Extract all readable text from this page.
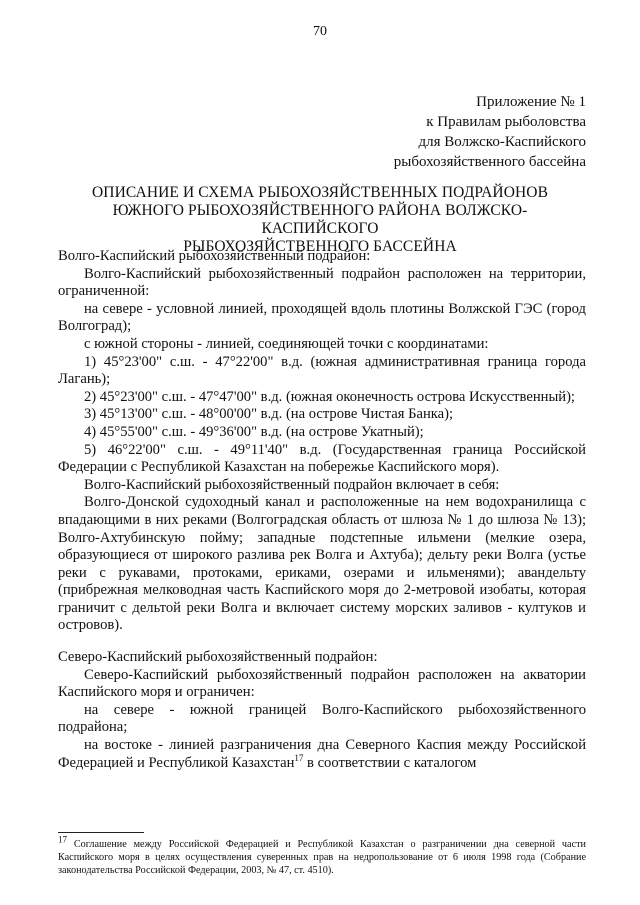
70
Приложение № 1
к Правилам рыболовства
для Волжско-Каспийского
рыбохозяйственного бассейна
ОПИСАНИЕ И СХЕМА РЫБОХОЗЯЙСТВЕННЫХ ПОДРАЙОНОВ
ЮЖНОГО РЫБОХОЗЯЙСТВЕННОГО РАЙОНА ВОЛЖСКО-КАСПИЙСКОГО
РЫБОХОЗЯЙСТВЕННОГО БАССЕЙНА

Волго-Каспийский рыбохозяйственный подрайон:

Волго-Каспийский рыбохозяйственный подрайон расположен на территории, ограниченной:

на севере - условной линией, проходящей вдоль плотины Волжской ГЭС (город Волгоград);

с южной стороны - линией, соединяющей точки с координатами:

1) 45°23'00" с.ш. - 47°22'00" в.д. (южная административная граница города Лагань);

2) 45°23'00" с.ш. - 47°47'00" в.д. (южная оконечность острова Искусственный);

3) 45°13'00" с.ш. - 48°00'00" в.д. (на острове Чистая Банка);

4) 45°55'00" с.ш. - 49°36'00" в.д. (на острове Укатный);

5) 46°22'00" с.ш. - 49°11'40" в.д. (Государственная граница Российской Федерации с Республикой Казахстан на побережье Каспийского моря).

Волго-Каспийский рыбохозяйственный подрайон включает в себя:

Волго-Донской судоходный канал и расположенные на нем водохранилища с впадающими в них реками (Волгоградская область от шлюза № 1 до шлюза № 13); Волго-Ахтубинскую пойму; западные подстепные ильмени (мелкие озера, образующиеся от широкого разлива рек Волга и Ахтуба); дельту реки Волга (устье реки с рукавами, протоками, ериками, озерами и ильменями); авандельту (прибрежная мелководная часть Каспийского моря до 2-метровой изобаты, которая граничит с дельтой реки Волга и включает систему морских заливов - култуков и островов).

Северо-Каспийский рыбохозяйственный подрайон:

Северо-Каспийский рыбохозяйственный подрайон расположен на акватории Каспийского моря и ограничен:

на севере - южной границей Волго-Каспийского рыбохозяйственного подрайона;

на востоке - линией разграничения дна Северного Каспия между Российской Федерацией и Республикой Казахстан$^{17}$ в соответствии с каталогом

$^{17}$ Соглашение между Российской Федерацией и Республикой Казахстан о разграничении дна северной части Каспийского моря в целях осуществления суверенных прав на недропользование от 6 июля 1998 года (Собрание законодательства Российской Федерации, 2003, № 47, ст. 4510).
